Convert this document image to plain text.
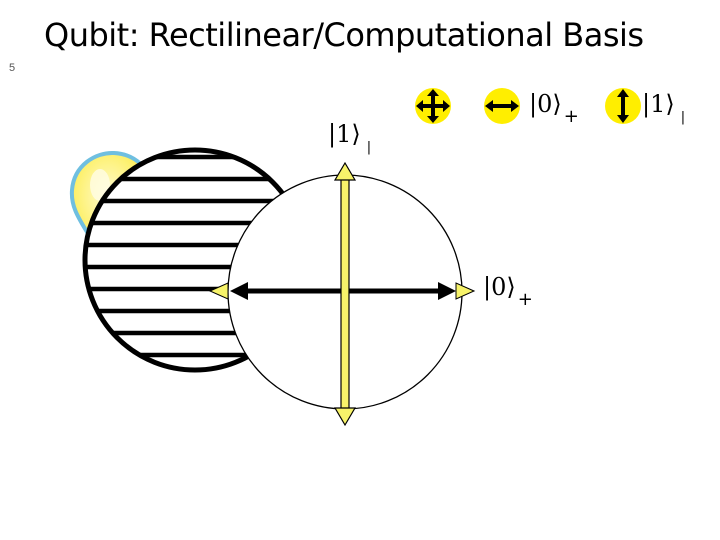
5
Qubit: Rectilinear/Computational Basis
|0⟩ $_+$	|1⟩ $_|$
|1⟩ $_|$
|0⟩ $_+$
